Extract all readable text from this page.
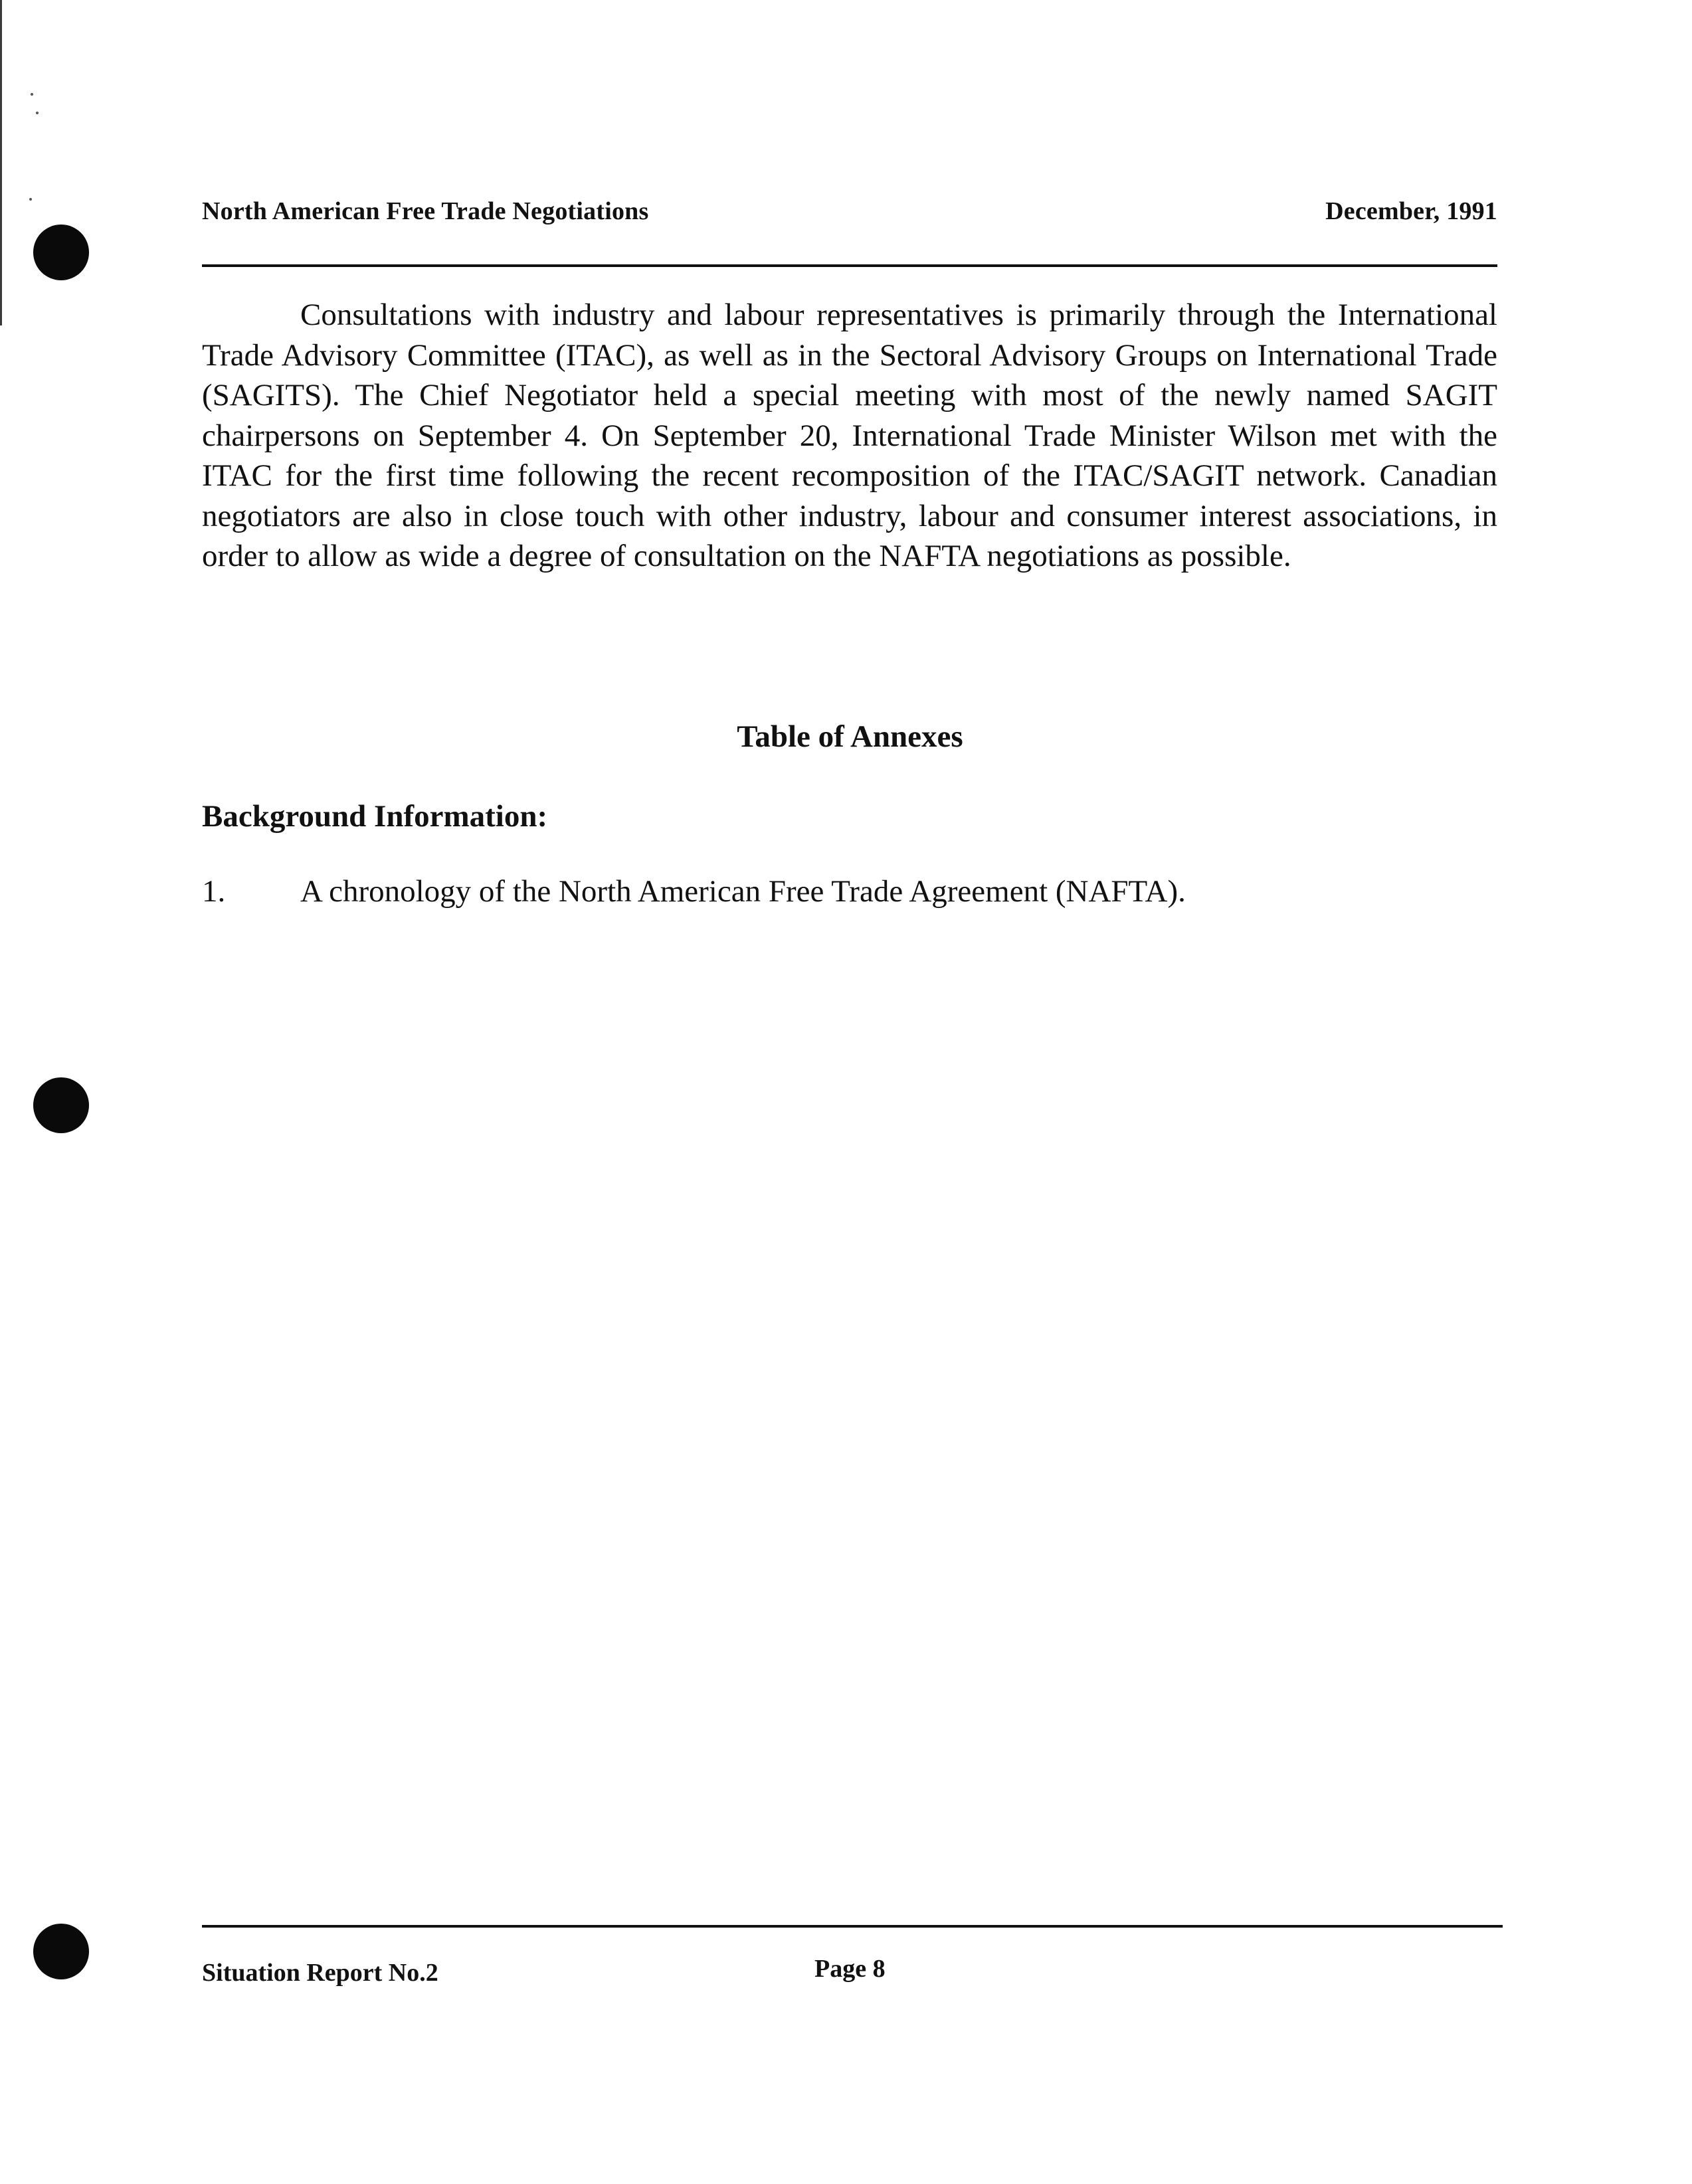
North American Free Trade Negotiations	December, 1991

Consultations with industry and labour representatives is primarily through the International Trade Advisory Committee (ITAC), as well as in the Sectoral Advisory Groups on International Trade (SAGITS). The Chief Negotiator held a special meeting with most of the newly named SAGIT chairpersons on September 4. On September 20, International Trade Minister Wilson met with the ITAC for the first time following the recent recomposition of the ITAC/SAGIT network. Canadian negotiators are also in close touch with other industry, labour and consumer interest associations, in order to allow as wide a degree of consultation on the NAFTA negotiations as possible.

Table of Annexes
Background Information:
1. A chronology of the North American Free Trade Agreement (NAFTA).
Situation Report No.2	Page 8
